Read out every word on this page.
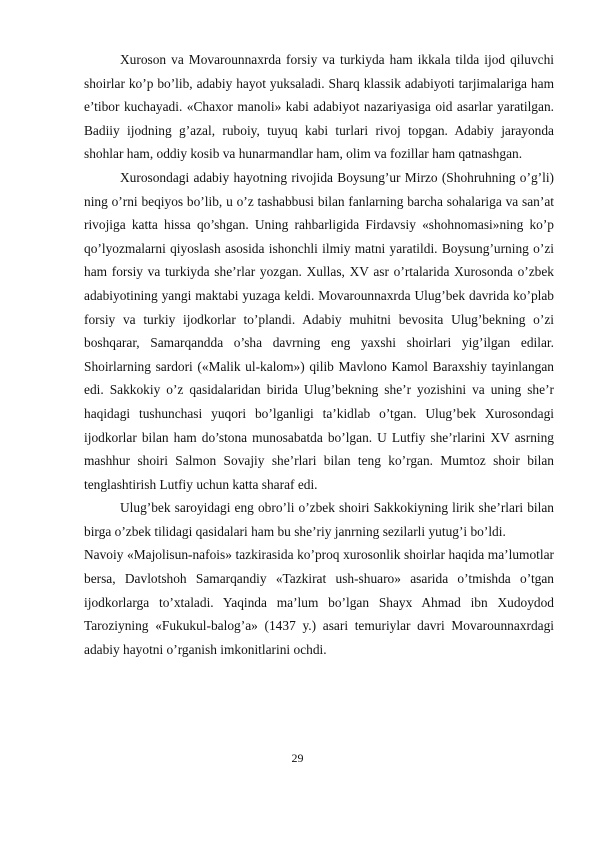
Xuroson va Movarounnaxrda forsiy va turkiyda ham ikkala tilda ijod qiluvchi shoirlar ko’p bo’lib, adabiy hayot yuksaladi. Sharq klassik adabiyoti tarjimalariga ham e’tibor kuchayadi. «Chaxor manoli» kabi adabiyot nazariyasiga oid asarlar yaratilgan. Badiiy ijodning g’azal, ruboiy, tuyuq kabi turlari rivoj topgan. Adabiy jarayonda shohlar ham, oddiy kosib va hunarmandlar ham, olim va fozillar ham qatnashgan.

Xurosondagi adabiy hayotning rivojida Boysung’ur Mirzo (Shohruhning o’g’li) ning o’rni beqiyos bo’lib, u o’z tashabbusi bilan fanlarning barcha sohalariga va san’at rivojiga katta hissa qo’shgan. Uning rahbarligida Firdavsiy «shohnomasi»ning ko’p qo’lyozmalarni qiyoslash asosida ishonchli ilmiy matni yaratildi. Boysung’urning o’zi ham forsiy va turkiyda she’rlar yozgan. Xullas, XV asr o’rtalarida Xurosonda o’zbek adabiyotining yangi maktabi yuzaga keldi. Movarounnaxrda Ulug’bek davrida ko’plab forsiy va turkiy ijodkorlar to’plandi. Adabiy muhitni bevosita Ulug’bekning o’zi boshqarar, Samarqandda o’sha davrning eng yaxshi shoirlari yig’ilgan edilar. Shoirlarning sardori («Malik ul-kalom») qilib Mavlono Kamol Baraxshiy tayinlangan edi. Sakkokiy o’z qasidalaridan birida Ulug’bekning she’r yozishini va uning she’r haqidagi tushunchasi yuqori bo’lganligi ta’kidlab o’tgan. Ulug’bek Xurosondagi ijodkorlar bilan ham do’stona munosabatda bo’lgan. U Lutfiy she’rlarini XV asrning mashhur shoiri Salmon Sovajiy she’rlari bilan teng ko’rgan. Mumtoz shoir bilan tenglashtirish Lutfiy uchun katta sharaf edi.

Ulug’bek saroyidagi eng obro’li o’zbek shoiri Sakkokiyning lirik she’rlari bilan birga o’zbek tilidagi qasidalari ham bu she’riy janrning sezilarli yutug’i bo’ldi.

Navoiy «Majolisun-nafois» tazkirasida ko’proq xurosonlik shoirlar haqida ma’lumotlar bersa, Davlotshoh Samarqandiy «Tazkirat ush-shuaro» asarida o’tmishda o’tgan ijodkorlarga to’xtaladi. Yaqinda ma’lum bo’lgan Shayx Ahmad ibn Xudoydod Taroziyning «Fukukul-balog’a» (1437 y.) asari temuriylar davri Movarounnaxrdagi adabiy hayotni o’rganish imkonitlarini ochdi.

29
